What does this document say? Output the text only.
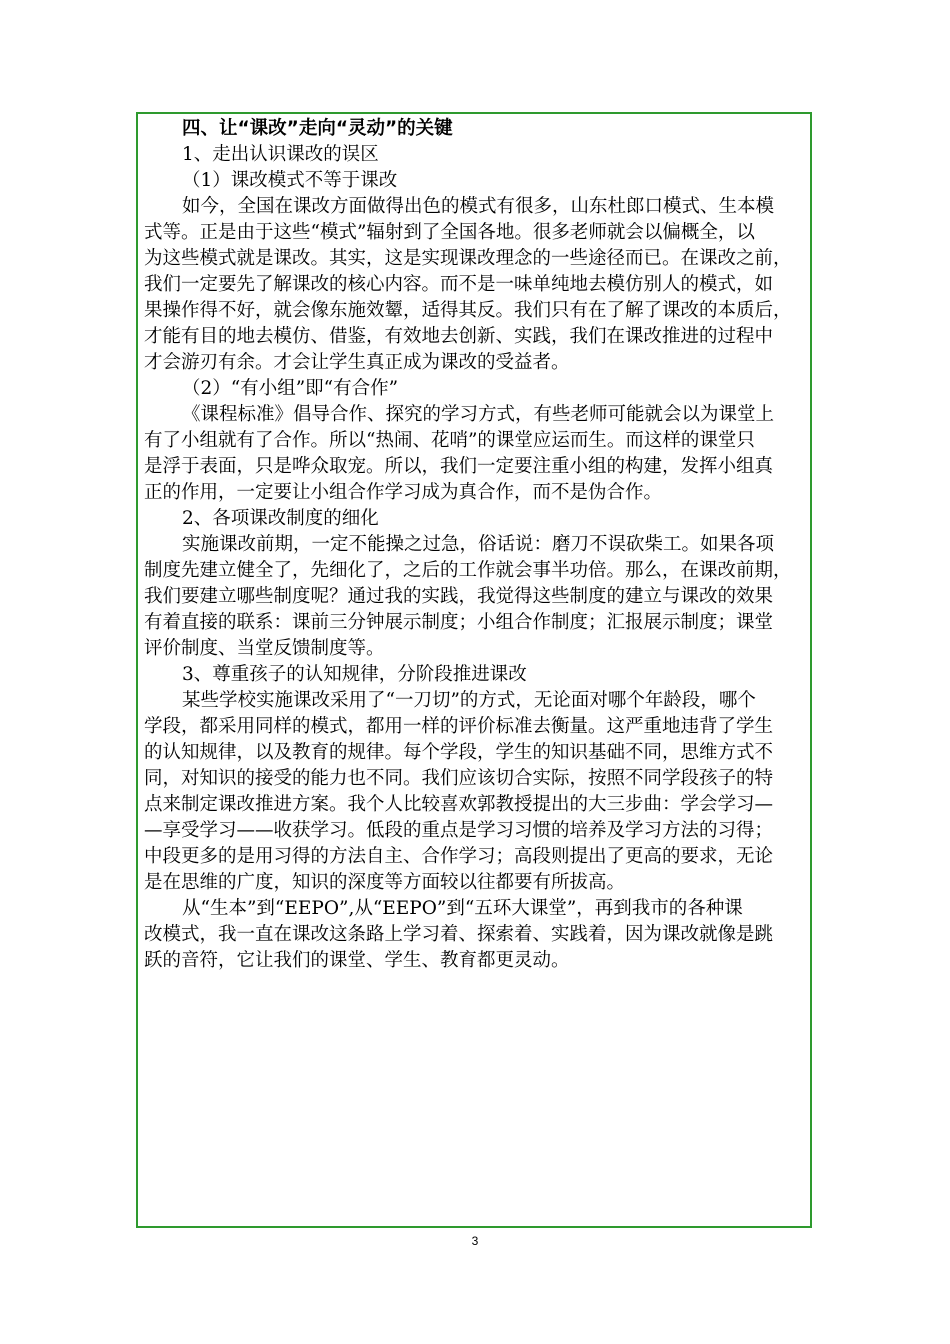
四、让“课改”走向“灵动”的关键
1、走出认识课改的误区
（1）课改模式不等于课改
如今，全国在课改方面做得出色的模式有很多，山东杜郎口模式、生本模
式等。正是由于这些“模式”辐射到了全国各地。很多老师就会以偏概全，以
为这些模式就是课改。其实，这是实现课改理念的一些途径而已。在课改之前，
我们一定要先了解课改的核心内容。而不是一味单纯地去模仿别人的模式，如
果操作得不好，就会像东施效颦，适得其反。我们只有在了解了课改的本质后，
才能有目的地去模仿、借鉴，有效地去创新、实践，我们在课改推进的过程中
才会游刃有余。才会让学生真正成为课改的受益者。
（2）“有小组”即“有合作”
《课程标准》倡导合作、探究的学习方式，有些老师可能就会以为课堂上
有了小组就有了合作。所以“热闹、花哨”的课堂应运而生。而这样的课堂只
是浮于表面，只是哗众取宠。所以，我们一定要注重小组的构建，发挥小组真
正的作用，一定要让小组合作学习成为真合作，而不是伪合作。
2、各项课改制度的细化
实施课改前期，一定不能操之过急，俗话说：磨刀不误砍柴工。如果各项
制度先建立健全了，先细化了，之后的工作就会事半功倍。那么，在课改前期，
我们要建立哪些制度呢？通过我的实践，我觉得这些制度的建立与课改的效果
有着直接的联系：课前三分钟展示制度；小组合作制度；汇报展示制度；课堂
评价制度、当堂反馈制度等。
3、尊重孩子的认知规律，分阶段推进课改
某些学校实施课改采用了“一刀切”的方式，无论面对哪个年龄段，哪个
学段，都采用同样的模式，都用一样的评价标准去衡量。这严重地违背了学生
的认知规律，以及教育的规律。每个学段，学生的知识基础不同，思维方式不
同，对知识的接受的能力也不同。我们应该切合实际，按照不同学段孩子的特
点来制定课改推进方案。我个人比较喜欢郭教授提出的大三步曲：学会学习—
—享受学习——收获学习。低段的重点是学习习惯的培养及学习方法的习得；
中段更多的是用习得的方法自主、合作学习；高段则提出了更高的要求，无论
是在思维的广度，知识的深度等方面较以往都要有所拔高。
从“生本”到“EEPO”,从“EEPO”到“五环大课堂”，再到我市的各种课
改模式，我一直在课改这条路上学习着、探索着、实践着，因为课改就像是跳
跃的音符，它让我们的课堂、学生、教育都更灵动。
3
